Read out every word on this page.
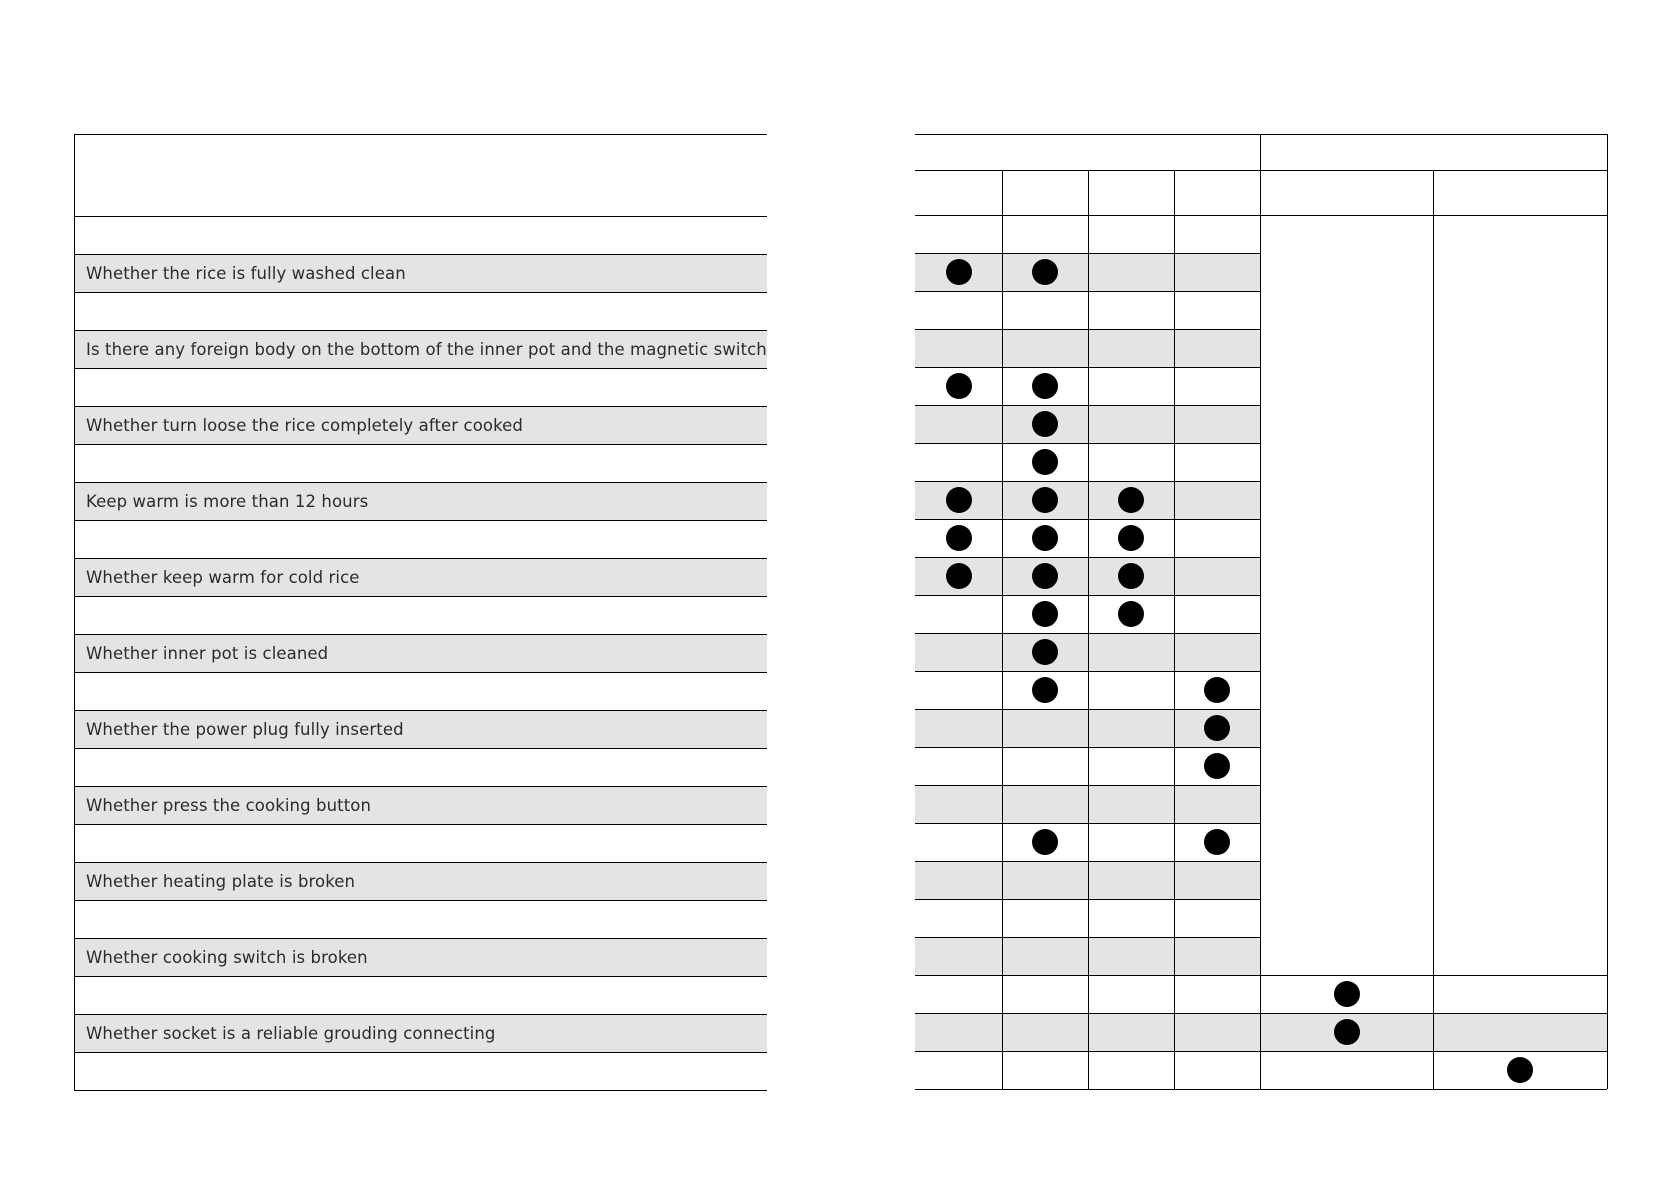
Whether the rice is fully washed clean
Is there any foreign body on the bottom of the inner pot and the magnetic switch
Whether turn loose the rice completely after cooked
Keep warm is more than 12 hours
Whether keep warm for cold rice
Whether inner pot is cleaned
Whether the power plug fully inserted
Whether press the cooking button
Whether heating plate is broken
Whether cooking switch is broken
Whether socket is a reliable grouding connecting
